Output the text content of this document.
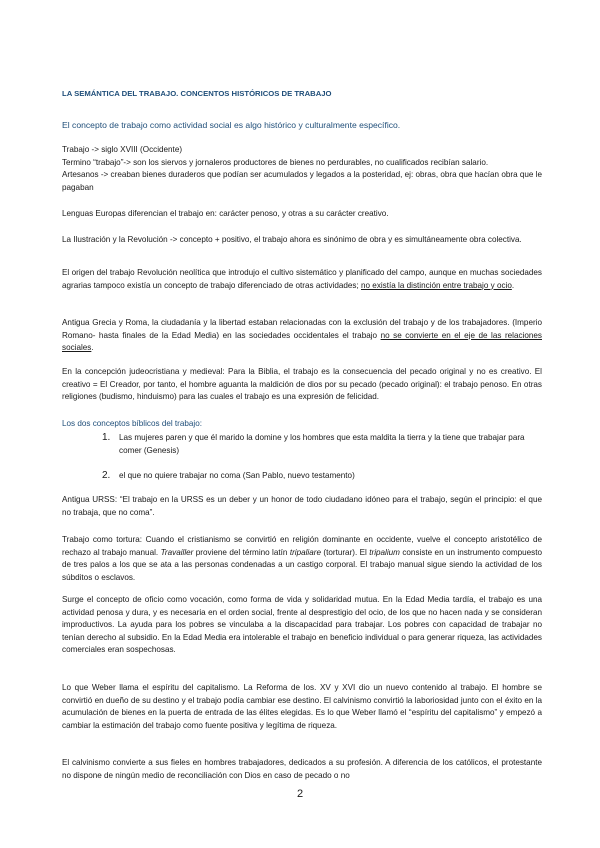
LA SEMÁNTICA DEL TRABAJO. CONCENTOS HISTÓRICOS DE TRABAJO

El concepto de trabajo como actividad social es algo histórico y culturalmente específico.

Trabajo -> siglo XVIII (Occidente)
Termino “trabajo”-> son los siervos y jornaleros productores de bienes no perdurables, no cualificados recibían salario.
Artesanos -> creaban bienes duraderos que podían ser acumulados y legados a la posteridad, ej: obras, obra que hacían obra que le pagaban

Lenguas Europas diferencian el trabajo en: carácter penoso, y otras a su carácter creativo.

La Ilustración y la Revolución -> concepto + positivo, el trabajo ahora es sinónimo de obra y es simultáneamente obra colectiva.

El origen del trabajo Revolución neolítica que introdujo el cultivo sistemático y planificado del campo, aunque en muchas sociedades agrarias tampoco existía un concepto de trabajo diferenciado de otras actividades; no existía la distinción entre trabajo y ocio.

Antigua Grecia y Roma, la ciudadanía y la libertad estaban relacionadas con la exclusión del trabajo y de los trabajadores. (Imperio Romano- hasta finales de la Edad Media) en las sociedades occidentales el trabajo no se convierte en el eje de las relaciones sociales.

En la concepción judeocristiana y medieval: Para la Biblia, el trabajo es la consecuencia del pecado original y no es creativo. El creativo = El Creador, por tanto, el hombre aguanta la maldición de dios por su pecado (pecado original): el trabajo penoso. En otras religiones (budismo, hinduismo) para las cuales el trabajo es una expresión de felicidad.

Los dos conceptos bíblicos del trabajo:

1. Las mujeres paren y que él marido la domine y los hombres que esta maldita la tierra y la tiene que trabajar para comer (Genesis)
2. el que no quiere trabajar no coma (San Pablo, nuevo testamento)

Antigua URSS: “El trabajo en la URSS es un deber y un honor de todo ciudadano idóneo para el trabajo, según el principio: el que no trabaja, que no coma”.

Trabajo como tortura: Cuando el cristianismo se convirtió en religión dominante en occidente, vuelve el concepto aristotélico de rechazo al trabajo manual. Travailler proviene del término latín tripaliare (torturar). El tripalium consiste en un instrumento compuesto de tres palos a los que se ata a las personas condenadas a un castigo corporal. El trabajo manual sigue siendo la actividad de los súbditos o esclavos.

Surge el concepto de oficio como vocación, como forma de vida y solidaridad mutua. En la Edad Media tardía, el trabajo es una actividad penosa y dura, y es necesaria en el orden social, frente al desprestigio del ocio, de los que no hacen nada y se consideran improductivos. La ayuda para los pobres se vinculaba a la discapacidad para trabajar. Los pobres con capacidad de trabajar no tenían derecho al subsidio. En la Edad Media era intolerable el trabajo en beneficio individual o para generar riqueza, las actividades comerciales eran sospechosas.

Lo que Weber llama el espíritu del capitalismo. La Reforma de los. XV y XVI dio un nuevo contenido al trabajo. El hombre se convirtió en dueño de su destino y el trabajo podía cambiar ese destino. El calvinismo convirtió la laboriosidad junto con el éxito en la acumulación de bienes en la puerta de entrada de las élites elegidas. Es lo que Weber llamó el “espíritu del capitalismo” y empezó a cambiar la estimación del trabajo como fuente positiva y legítima de riqueza.

El calvinismo convierte a sus fieles en hombres trabajadores, dedicados a su profesión. A diferencia de los católicos, el protestante no dispone de ningún medio de reconciliación con Dios en caso de pecado o no

2
